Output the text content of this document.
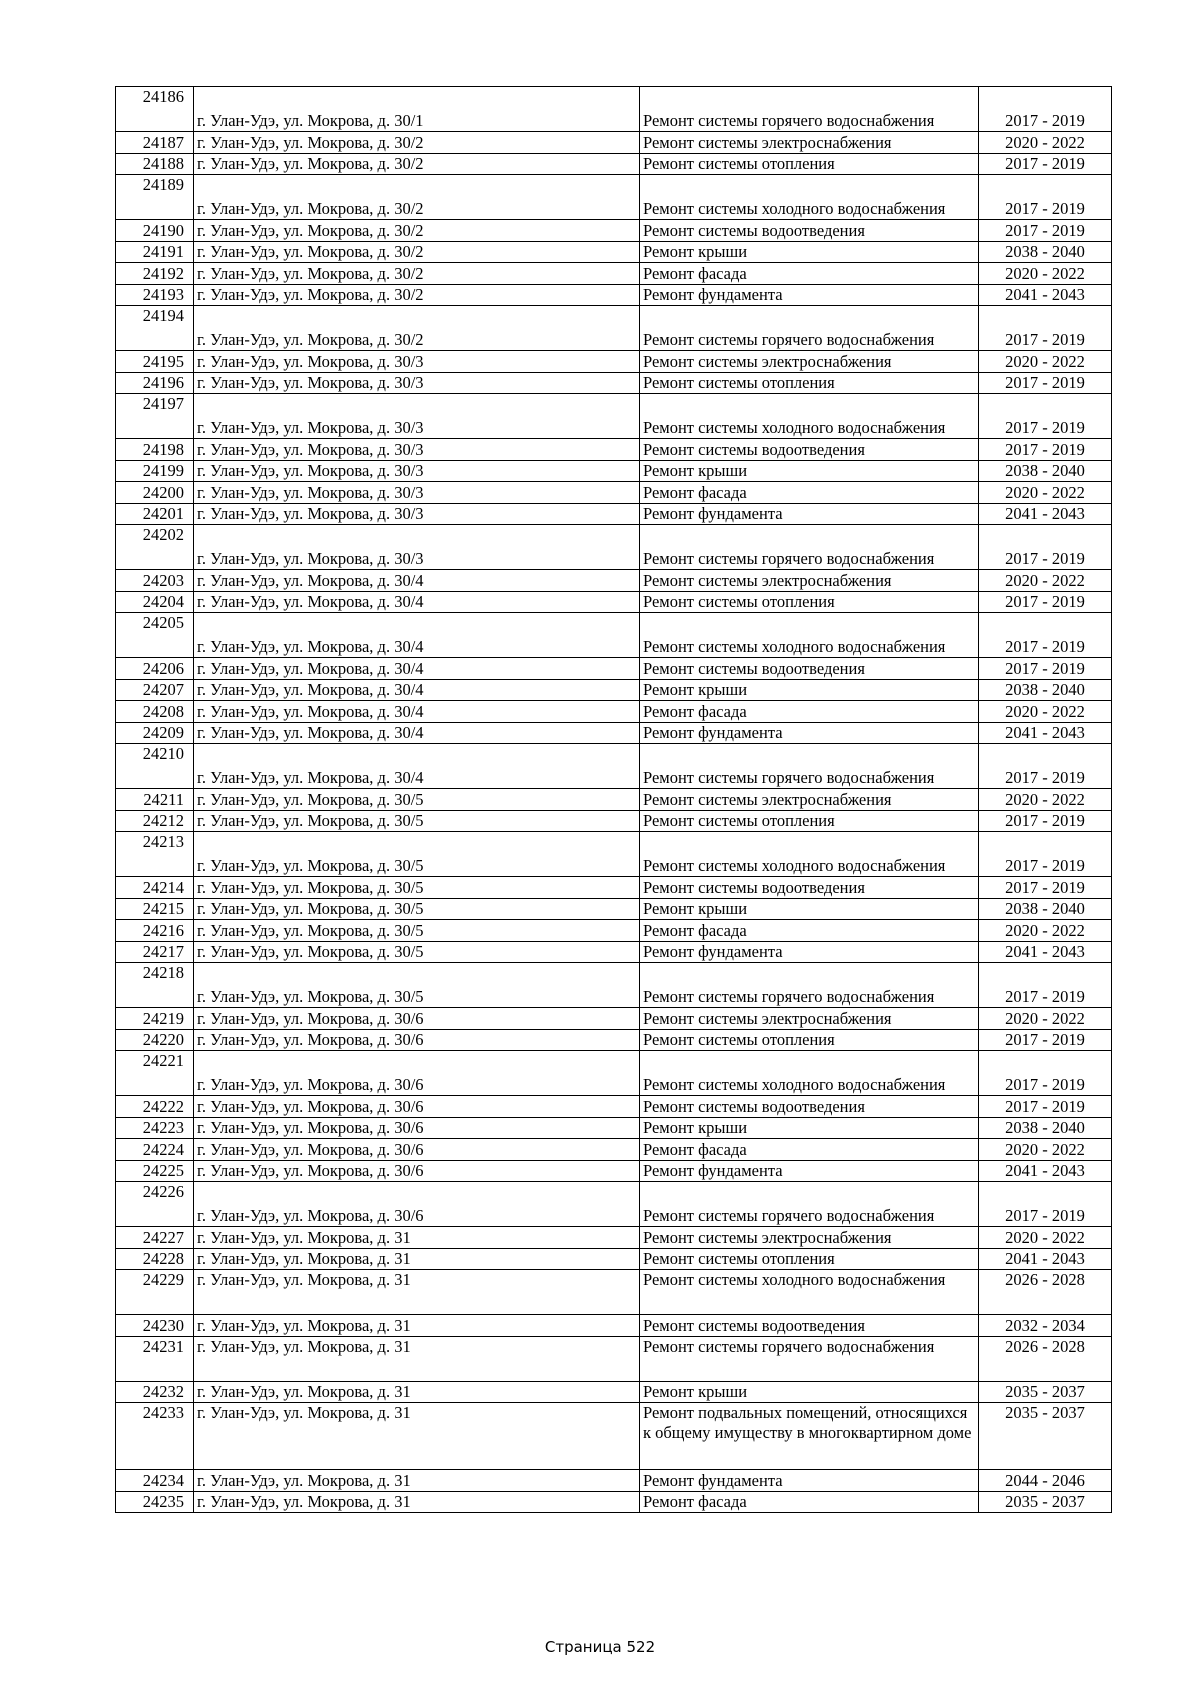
24186	г. Улан-Удэ, ул. Мокрова, д. 30/1	Ремонт системы горячего водоснабжения	2017 - 2019
24187	г. Улан-Удэ, ул. Мокрова, д. 30/2	Ремонт системы электроснабжения	2020 - 2022
24188	г. Улан-Удэ, ул. Мокрова, д. 30/2	Ремонт системы отопления	2017 - 2019
24189	г. Улан-Удэ, ул. Мокрова, д. 30/2	Ремонт системы холодного водоснабжения	2017 - 2019
24190	г. Улан-Удэ, ул. Мокрова, д. 30/2	Ремонт системы водоотведения	2017 - 2019
24191	г. Улан-Удэ, ул. Мокрова, д. 30/2	Ремонт крыши	2038 - 2040
24192	г. Улан-Удэ, ул. Мокрова, д. 30/2	Ремонт фасада	2020 - 2022
24193	г. Улан-Удэ, ул. Мокрова, д. 30/2	Ремонт фундамента	2041 - 2043
24194	г. Улан-Удэ, ул. Мокрова, д. 30/2	Ремонт системы горячего водоснабжения	2017 - 2019
24195	г. Улан-Удэ, ул. Мокрова, д. 30/3	Ремонт системы электроснабжения	2020 - 2022
24196	г. Улан-Удэ, ул. Мокрова, д. 30/3	Ремонт системы отопления	2017 - 2019
24197	г. Улан-Удэ, ул. Мокрова, д. 30/3	Ремонт системы холодного водоснабжения	2017 - 2019
24198	г. Улан-Удэ, ул. Мокрова, д. 30/3	Ремонт системы водоотведения	2017 - 2019
24199	г. Улан-Удэ, ул. Мокрова, д. 30/3	Ремонт крыши	2038 - 2040
24200	г. Улан-Удэ, ул. Мокрова, д. 30/3	Ремонт фасада	2020 - 2022
24201	г. Улан-Удэ, ул. Мокрова, д. 30/3	Ремонт фундамента	2041 - 2043
24202	г. Улан-Удэ, ул. Мокрова, д. 30/3	Ремонт системы горячего водоснабжения	2017 - 2019
24203	г. Улан-Удэ, ул. Мокрова, д. 30/4	Ремонт системы электроснабжения	2020 - 2022
24204	г. Улан-Удэ, ул. Мокрова, д. 30/4	Ремонт системы отопления	2017 - 2019
24205	г. Улан-Удэ, ул. Мокрова, д. 30/4	Ремонт системы холодного водоснабжения	2017 - 2019
24206	г. Улан-Удэ, ул. Мокрова, д. 30/4	Ремонт системы водоотведения	2017 - 2019
24207	г. Улан-Удэ, ул. Мокрова, д. 30/4	Ремонт крыши	2038 - 2040
24208	г. Улан-Удэ, ул. Мокрова, д. 30/4	Ремонт фасада	2020 - 2022
24209	г. Улан-Удэ, ул. Мокрова, д. 30/4	Ремонт фундамента	2041 - 2043
24210	г. Улан-Удэ, ул. Мокрова, д. 30/4	Ремонт системы горячего водоснабжения	2017 - 2019
24211	г. Улан-Удэ, ул. Мокрова, д. 30/5	Ремонт системы электроснабжения	2020 - 2022
24212	г. Улан-Удэ, ул. Мокрова, д. 30/5	Ремонт системы отопления	2017 - 2019
24213	г. Улан-Удэ, ул. Мокрова, д. 30/5	Ремонт системы холодного водоснабжения	2017 - 2019
24214	г. Улан-Удэ, ул. Мокрова, д. 30/5	Ремонт системы водоотведения	2017 - 2019
24215	г. Улан-Удэ, ул. Мокрова, д. 30/5	Ремонт крыши	2038 - 2040
24216	г. Улан-Удэ, ул. Мокрова, д. 30/5	Ремонт фасада	2020 - 2022
24217	г. Улан-Удэ, ул. Мокрова, д. 30/5	Ремонт фундамента	2041 - 2043
24218	г. Улан-Удэ, ул. Мокрова, д. 30/5	Ремонт системы горячего водоснабжения	2017 - 2019
24219	г. Улан-Удэ, ул. Мокрова, д. 30/6	Ремонт системы электроснабжения	2020 - 2022
24220	г. Улан-Удэ, ул. Мокрова, д. 30/6	Ремонт системы отопления	2017 - 2019
24221	г. Улан-Удэ, ул. Мокрова, д. 30/6	Ремонт системы холодного водоснабжения	2017 - 2019
24222	г. Улан-Удэ, ул. Мокрова, д. 30/6	Ремонт системы водоотведения	2017 - 2019
24223	г. Улан-Удэ, ул. Мокрова, д. 30/6	Ремонт крыши	2038 - 2040
24224	г. Улан-Удэ, ул. Мокрова, д. 30/6	Ремонт фасада	2020 - 2022
24225	г. Улан-Удэ, ул. Мокрова, д. 30/6	Ремонт фундамента	2041 - 2043
24226	г. Улан-Удэ, ул. Мокрова, д. 30/6	Ремонт системы горячего водоснабжения	2017 - 2019
24227	г. Улан-Удэ, ул. Мокрова, д. 31	Ремонт системы электроснабжения	2020 - 2022
24228	г. Улан-Удэ, ул. Мокрова, д. 31	Ремонт системы отопления	2041 - 2043
24229	г. Улан-Удэ, ул. Мокрова, д. 31	Ремонт системы холодного водоснабжения	2026 - 2028
24230	г. Улан-Удэ, ул. Мокрова, д. 31	Ремонт системы водоотведения	2032 - 2034
24231	г. Улан-Удэ, ул. Мокрова, д. 31	Ремонт системы горячего водоснабжения	2026 - 2028
24232	г. Улан-Удэ, ул. Мокрова, д. 31	Ремонт крыши	2035 - 2037
24233	г. Улан-Удэ, ул. Мокрова, д. 31	Ремонт подвальных помещений, относящихся к общему имуществу в многоквартирном доме	2035 - 2037
24234	г. Улан-Удэ, ул. Мокрова, д. 31	Ремонт фундамента	2044 - 2046
24235	г. Улан-Удэ, ул. Мокрова, д. 31	Ремонт фасада	2035 - 2037
Страница 522
